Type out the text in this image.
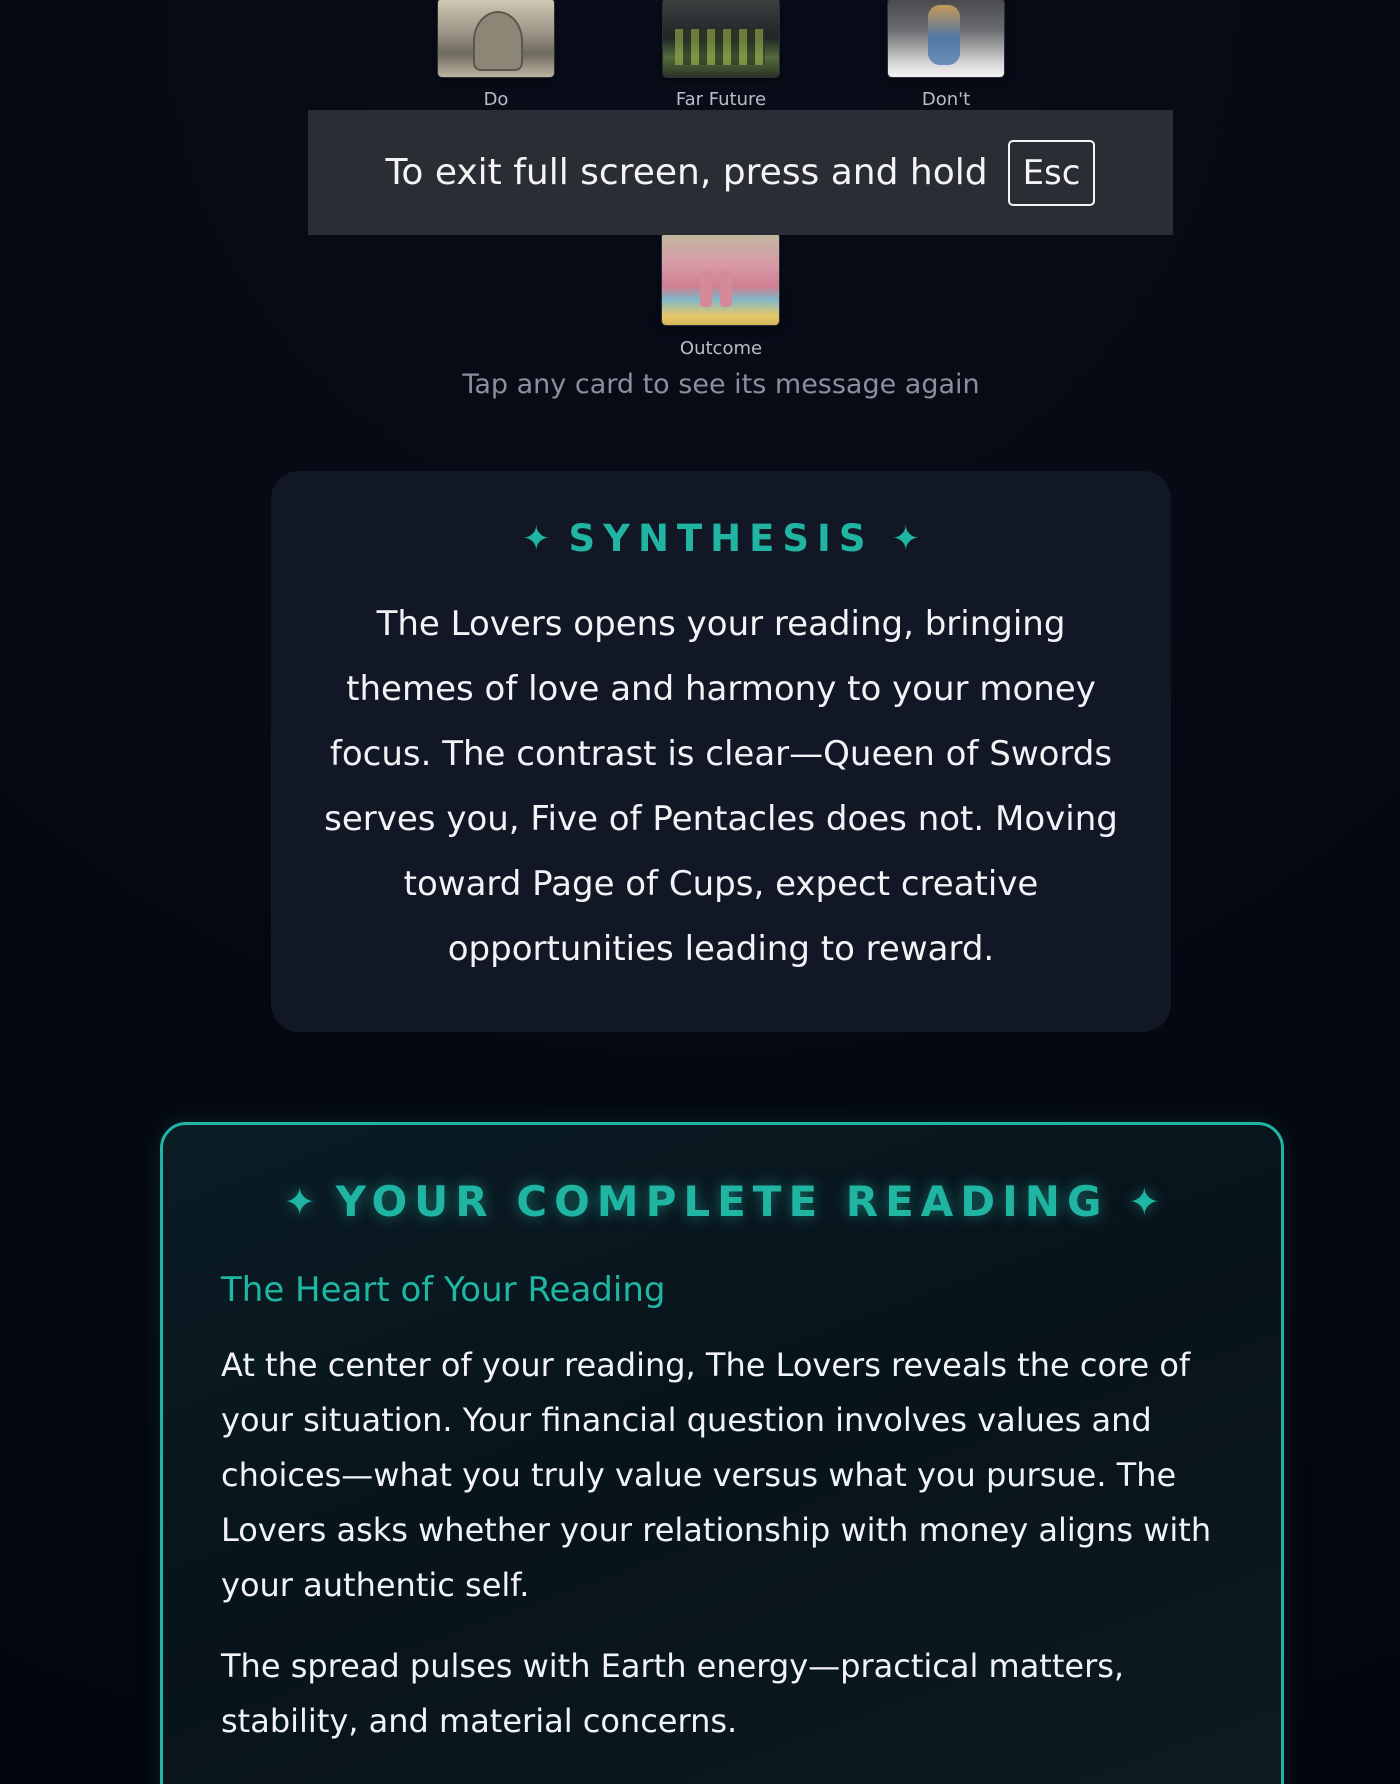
Do	Far Future	Don't
Outcome
Tap any card to see its message again
To exit full screen, press and hold	Esc
✦ SYNTHESIS ✦
The Lovers opens your reading, bringing themes of love and harmony to your money focus. The contrast is clear—Queen of Swords serves you, Five of Pentacles does not. Moving toward Page of Cups, expect creative opportunities leading to reward.
✦ YOUR COMPLETE READING ✦
The Heart of Your Reading
At the center of your reading, The Lovers reveals the core of your situation. Your financial question involves values and choices—what you truly value versus what you pursue. The Lovers asks whether your relationship with money aligns with your authentic self.
The spread pulses with Earth energy—practical matters, stability, and material concerns.
